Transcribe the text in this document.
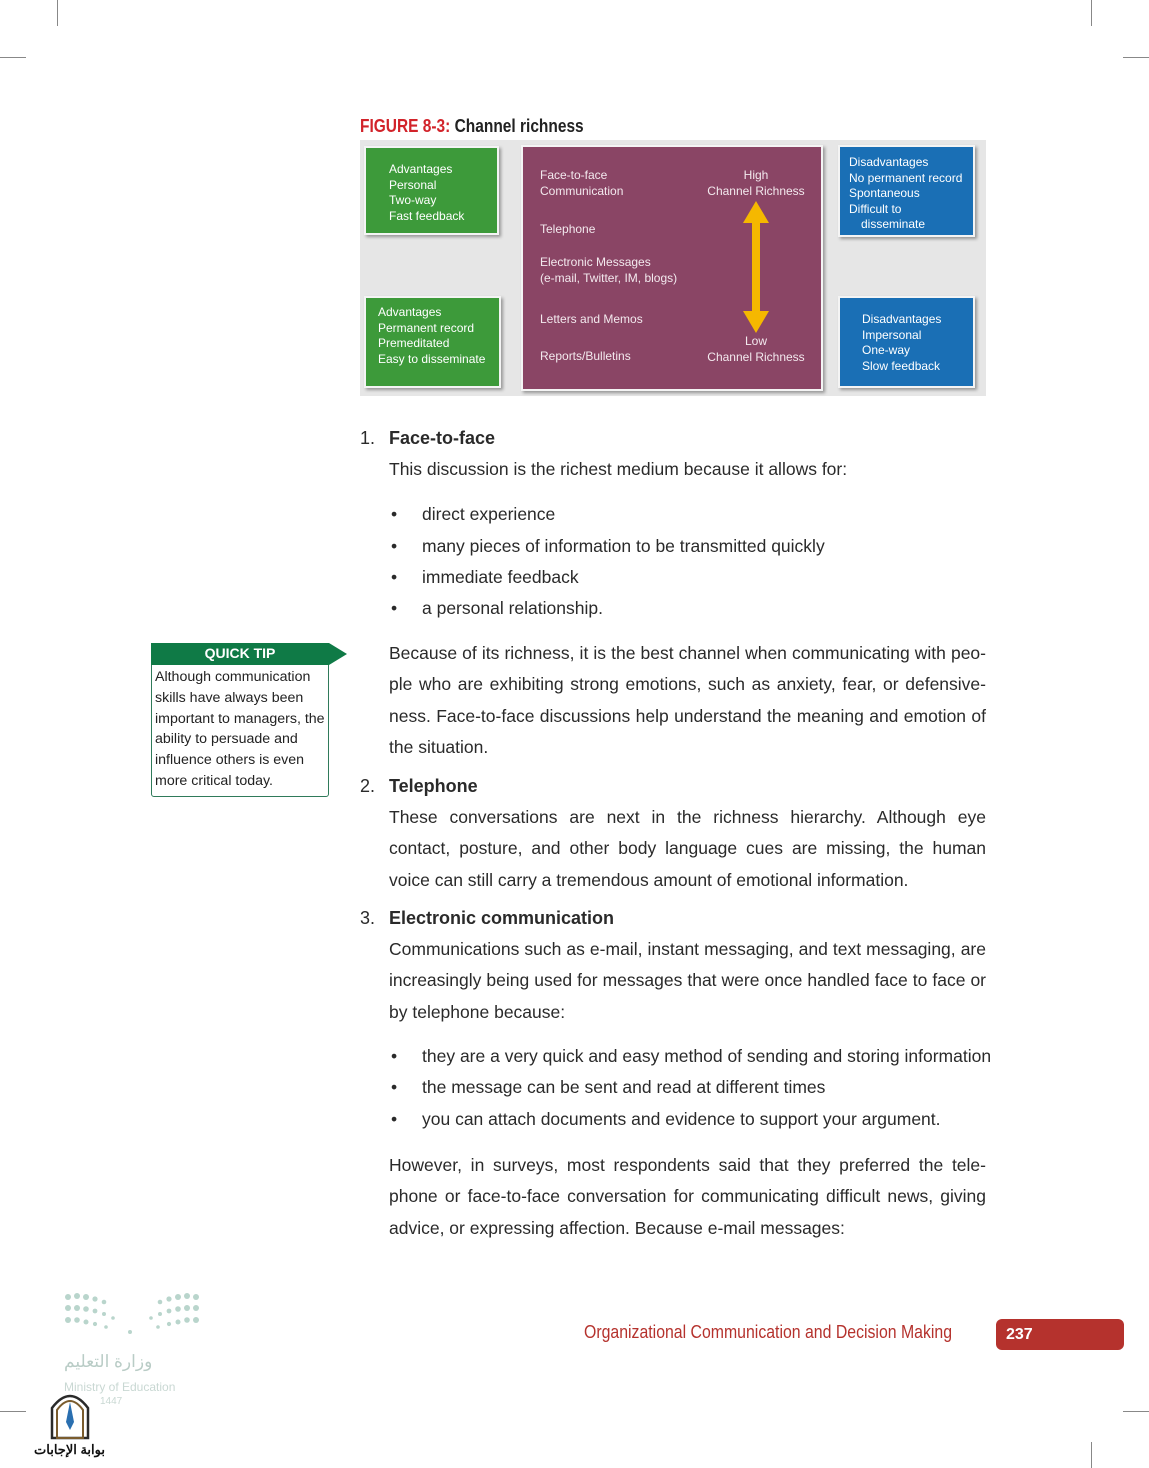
FIGURE 8-3: Channel richness
Advantages
Personal
Two-way
Fast feedback
Advantages
Permanent record
Premeditated
Easy to disseminate
Disadvantages
No permanent record
Spontaneous
Difficult to
disseminate
Disadvantages
Impersonal
One-way
Slow feedback
Face-to-face
Communication
Telephone
Electronic Messages
(e-mail, Twitter, IM, blogs)
Letters and Memos
Reports/Bulletins
High
Channel Richness
Low
Channel Richness
1. Face-to-face
This discussion is the richest medium because it allows for:
• direct experience
• many pieces of information to be transmitted quickly
• immediate feedback
• a personal relationship.
Because of its richness, it is the best channel when communicating with peo-ple who are exhibiting strong emotions, such as anxiety, fear, or defensive-ness. Face-to-face discussions help understand the meaning and emotion of the situation.
2. Telephone
These conversations are next in the richness hierarchy. Although eye contact, posture, and other body language cues are missing, the human voice can still carry a tremendous amount of emotional information.
3. Electronic communication
Communications such as e-mail, instant messaging, and text messaging, are increasingly being used for messages that were once handled face to face or by telephone because:
• they are a very quick and easy method of sending and storing information
• the message can be sent and read at different times
• you can attach documents and evidence to support your argument.
However, in surveys, most respondents said that they preferred the tele-phone or face-to-face conversation for communicating difficult news, giving advice, or expressing affection. Because e-mail messages:
QUICK TIP
Although communication skills have always been important to managers, the ability to persuade and influence others is even more critical today.
Organizational Communication and Decision Making	237
وزارة التعليم
Ministry of Education
1447
بوابة الإجابات
